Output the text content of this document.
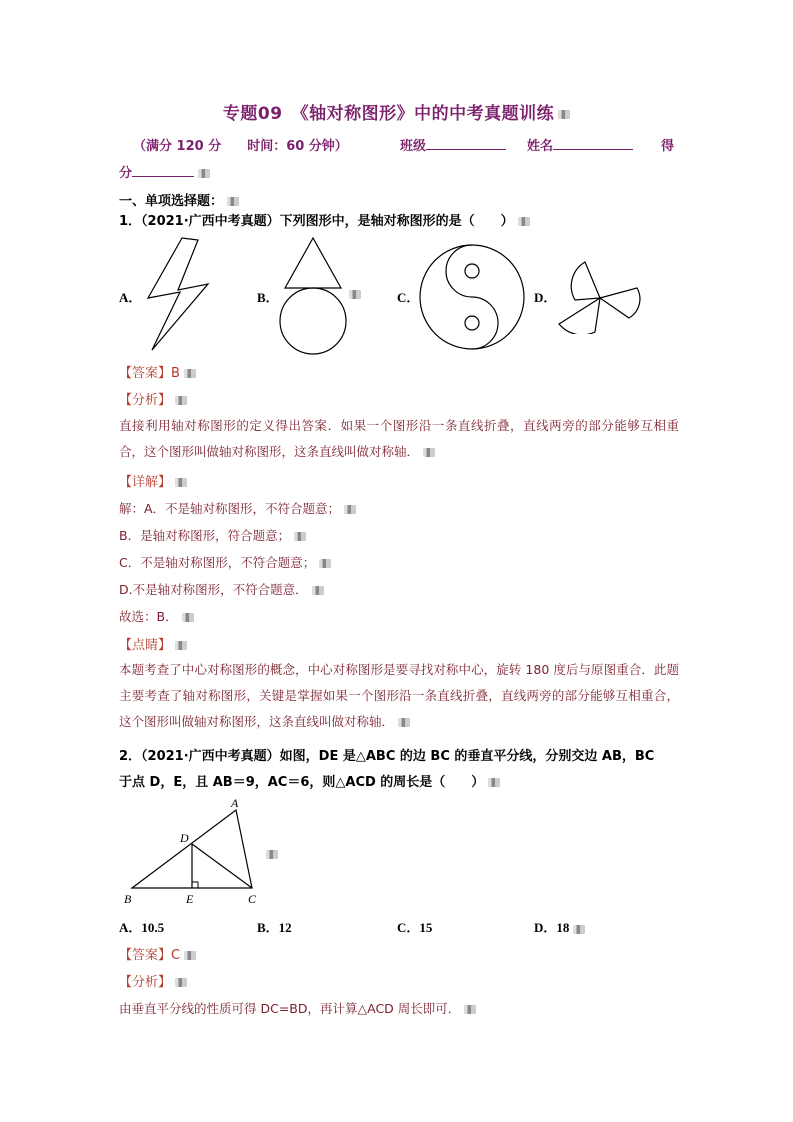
专题09　《轴对称图形》中的中考真题训练
（满分 120 分　　时间：60 分钟）	班级	姓名	得
分
一、单项选择题：
1．（2021·广西中考真题）下列图形中，是轴对称图形的是（　　）
A．	B．	C．	D．
【答案】B
【分析】
直接利用轴对称图形的定义得出答案．如果一个图形沿一条直线折叠，直线两旁的部分能够互相重合，这个图形叫做轴对称图形，这条直线叫做对称轴．
【详解】
解：A．不是轴对称图形，不符合题意；
B．是轴对称图形，符合题意；
C．不是轴对称图形，不符合题意；
D.不是轴对称图形，不符合题意．
故选：B．
【点睛】
本题考查了中心对称图形的概念，中心对称图形是要寻找对称中心，旋转 180 度后与原图重合．此题主要考查了轴对称图形，关键是掌握如果一个图形沿一条直线折叠，直线两旁的部分能够互相重合，这个图形叫做轴对称图形，这条直线叫做对称轴．
2．（2021·广西中考真题）如图，DE 是△ABC 的边 BC 的垂直平分线，分别交边 AB，BC
于点 D，E，且 AB＝9，AC＝6，则△ACD 的周长是（　　）
A
D
B	E	C
A．10.5	B．12	C．15	D．18
【答案】C
【分析】
由垂直平分线的性质可得 DC=BD，再计算△ACD 周长即可．
